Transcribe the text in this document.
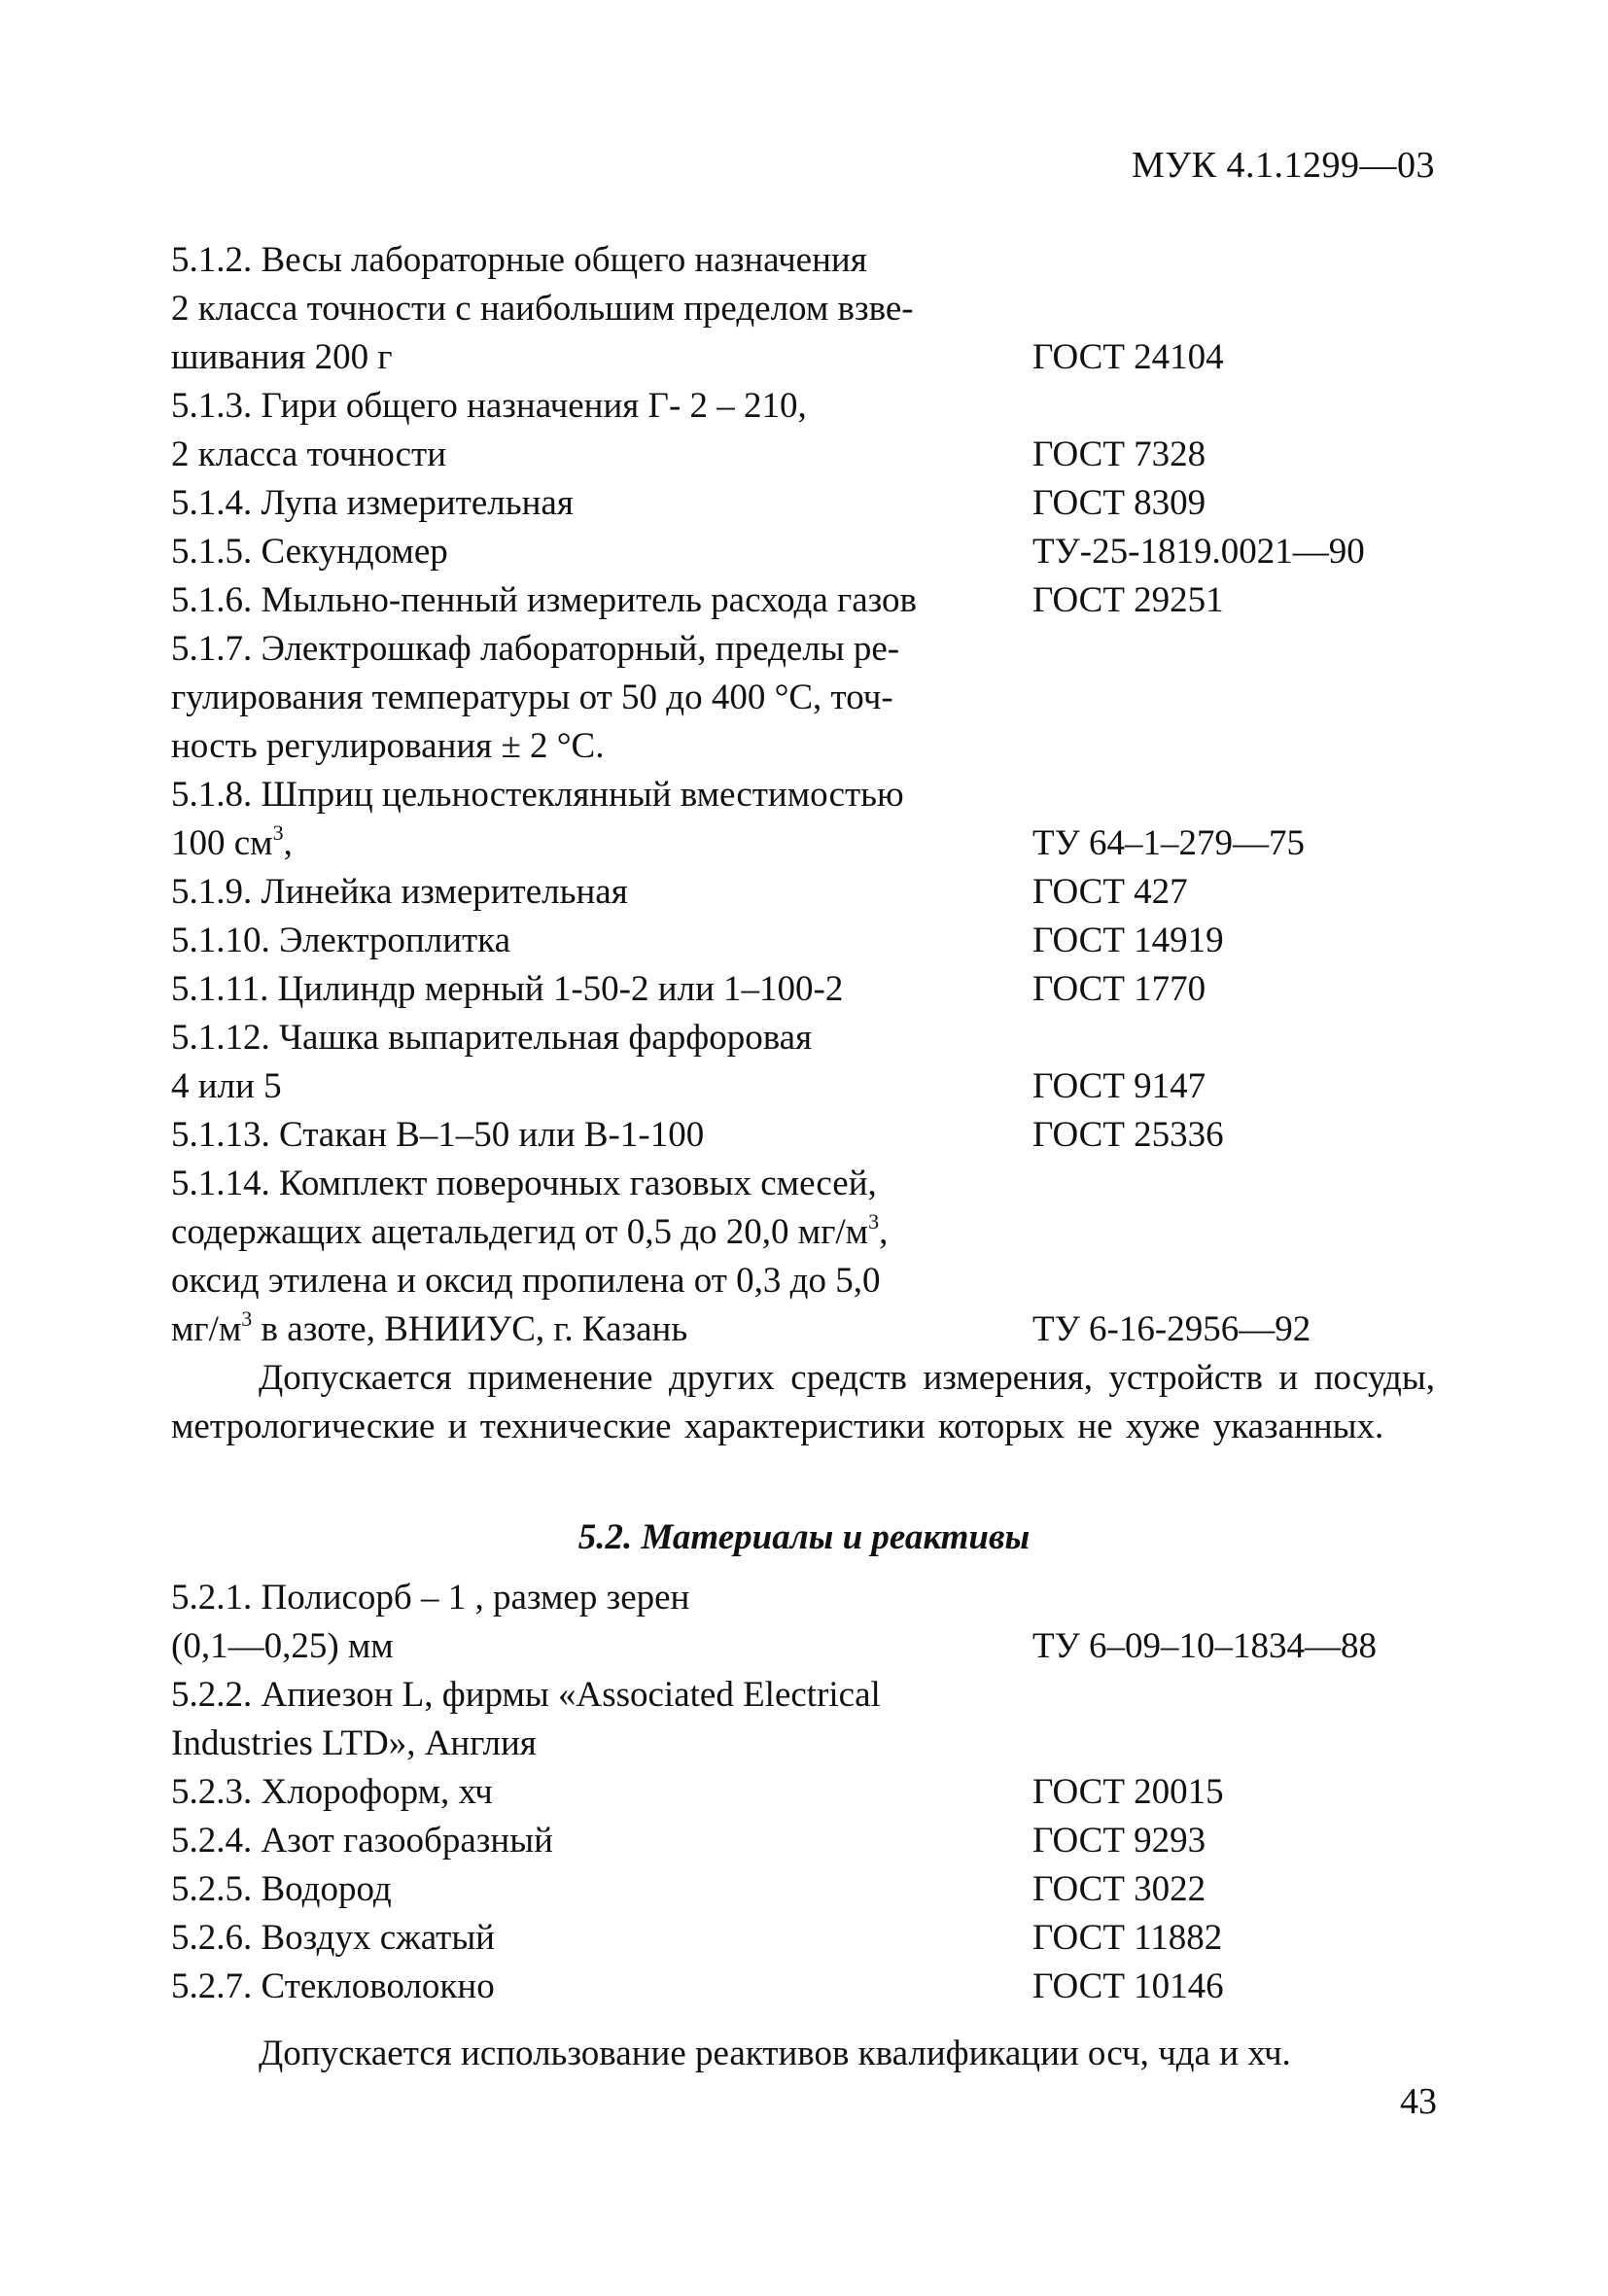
МУК 4.1.1299—03
5.1.2. Весы лабораторные общего назначения
2 класса точности с наибольшим пределом взве-
шивания 200 г	ГОСТ 24104
5.1.3. Гири общего назначения Г- 2 – 210,
2 класса точности	ГОСТ 7328
5.1.4. Лупа измерительная	ГОСТ 8309
5.1.5. Секундомер	ТУ-25-1819.0021—90
5.1.6. Мыльно-пенный измеритель расхода газов	ГОСТ 29251
5.1.7. Электрошкаф лабораторный, пределы ре-
гулирования температуры от 50 до 400 °С, точ-
ность регулирования ± 2 °С.
5.1.8. Шприц цельностеклянный вместимостью
100 $см^3$,	ТУ 64–1–279—75
5.1.9. Линейка измерительная	ГОСТ 427
5.1.10. Электроплитка	ГОСТ 14919
5.1.11. Цилиндр мерный 1-50-2 или 1–100-2	ГОСТ 1770
5.1.12. Чашка выпарительная фарфоровая
4 или 5	ГОСТ 9147
5.1.13. Стакан В–1–50 или В-1-100	ГОСТ 25336
5.1.14. Комплект поверочных газовых смесей,
содержащих ацетальдегид от 0,5 до 20,0 $мг/м^3$,
оксид этилена и оксид пропилена от 0,3 до 5,0
$мг/м^3$ в азоте, ВНИИУС, г. Казань	ТУ 6-16-2956—92
Допускается применение других средств измерения, устройств и посуды, метрологические и технические характеристики которых не хуже указанных.
5.2. Материалы и реактивы
5.2.1. Полисорб – 1 , размер зерен
(0,1—0,25) мм	ТУ 6–09–10–1834—88
5.2.2. Апиезон L, фирмы «Associated Electrical
Industries LTD», Англия
5.2.3. Хлороформ, хч	ГОСТ 20015
5.2.4. Азот газообразный	ГОСТ 9293
5.2.5. Водород	ГОСТ 3022
5.2.6. Воздух сжатый	ГОСТ 11882
5.2.7. Стекловолокно	ГОСТ 10146
Допускается использование реактивов квалификации осч, чда и хч.
43
